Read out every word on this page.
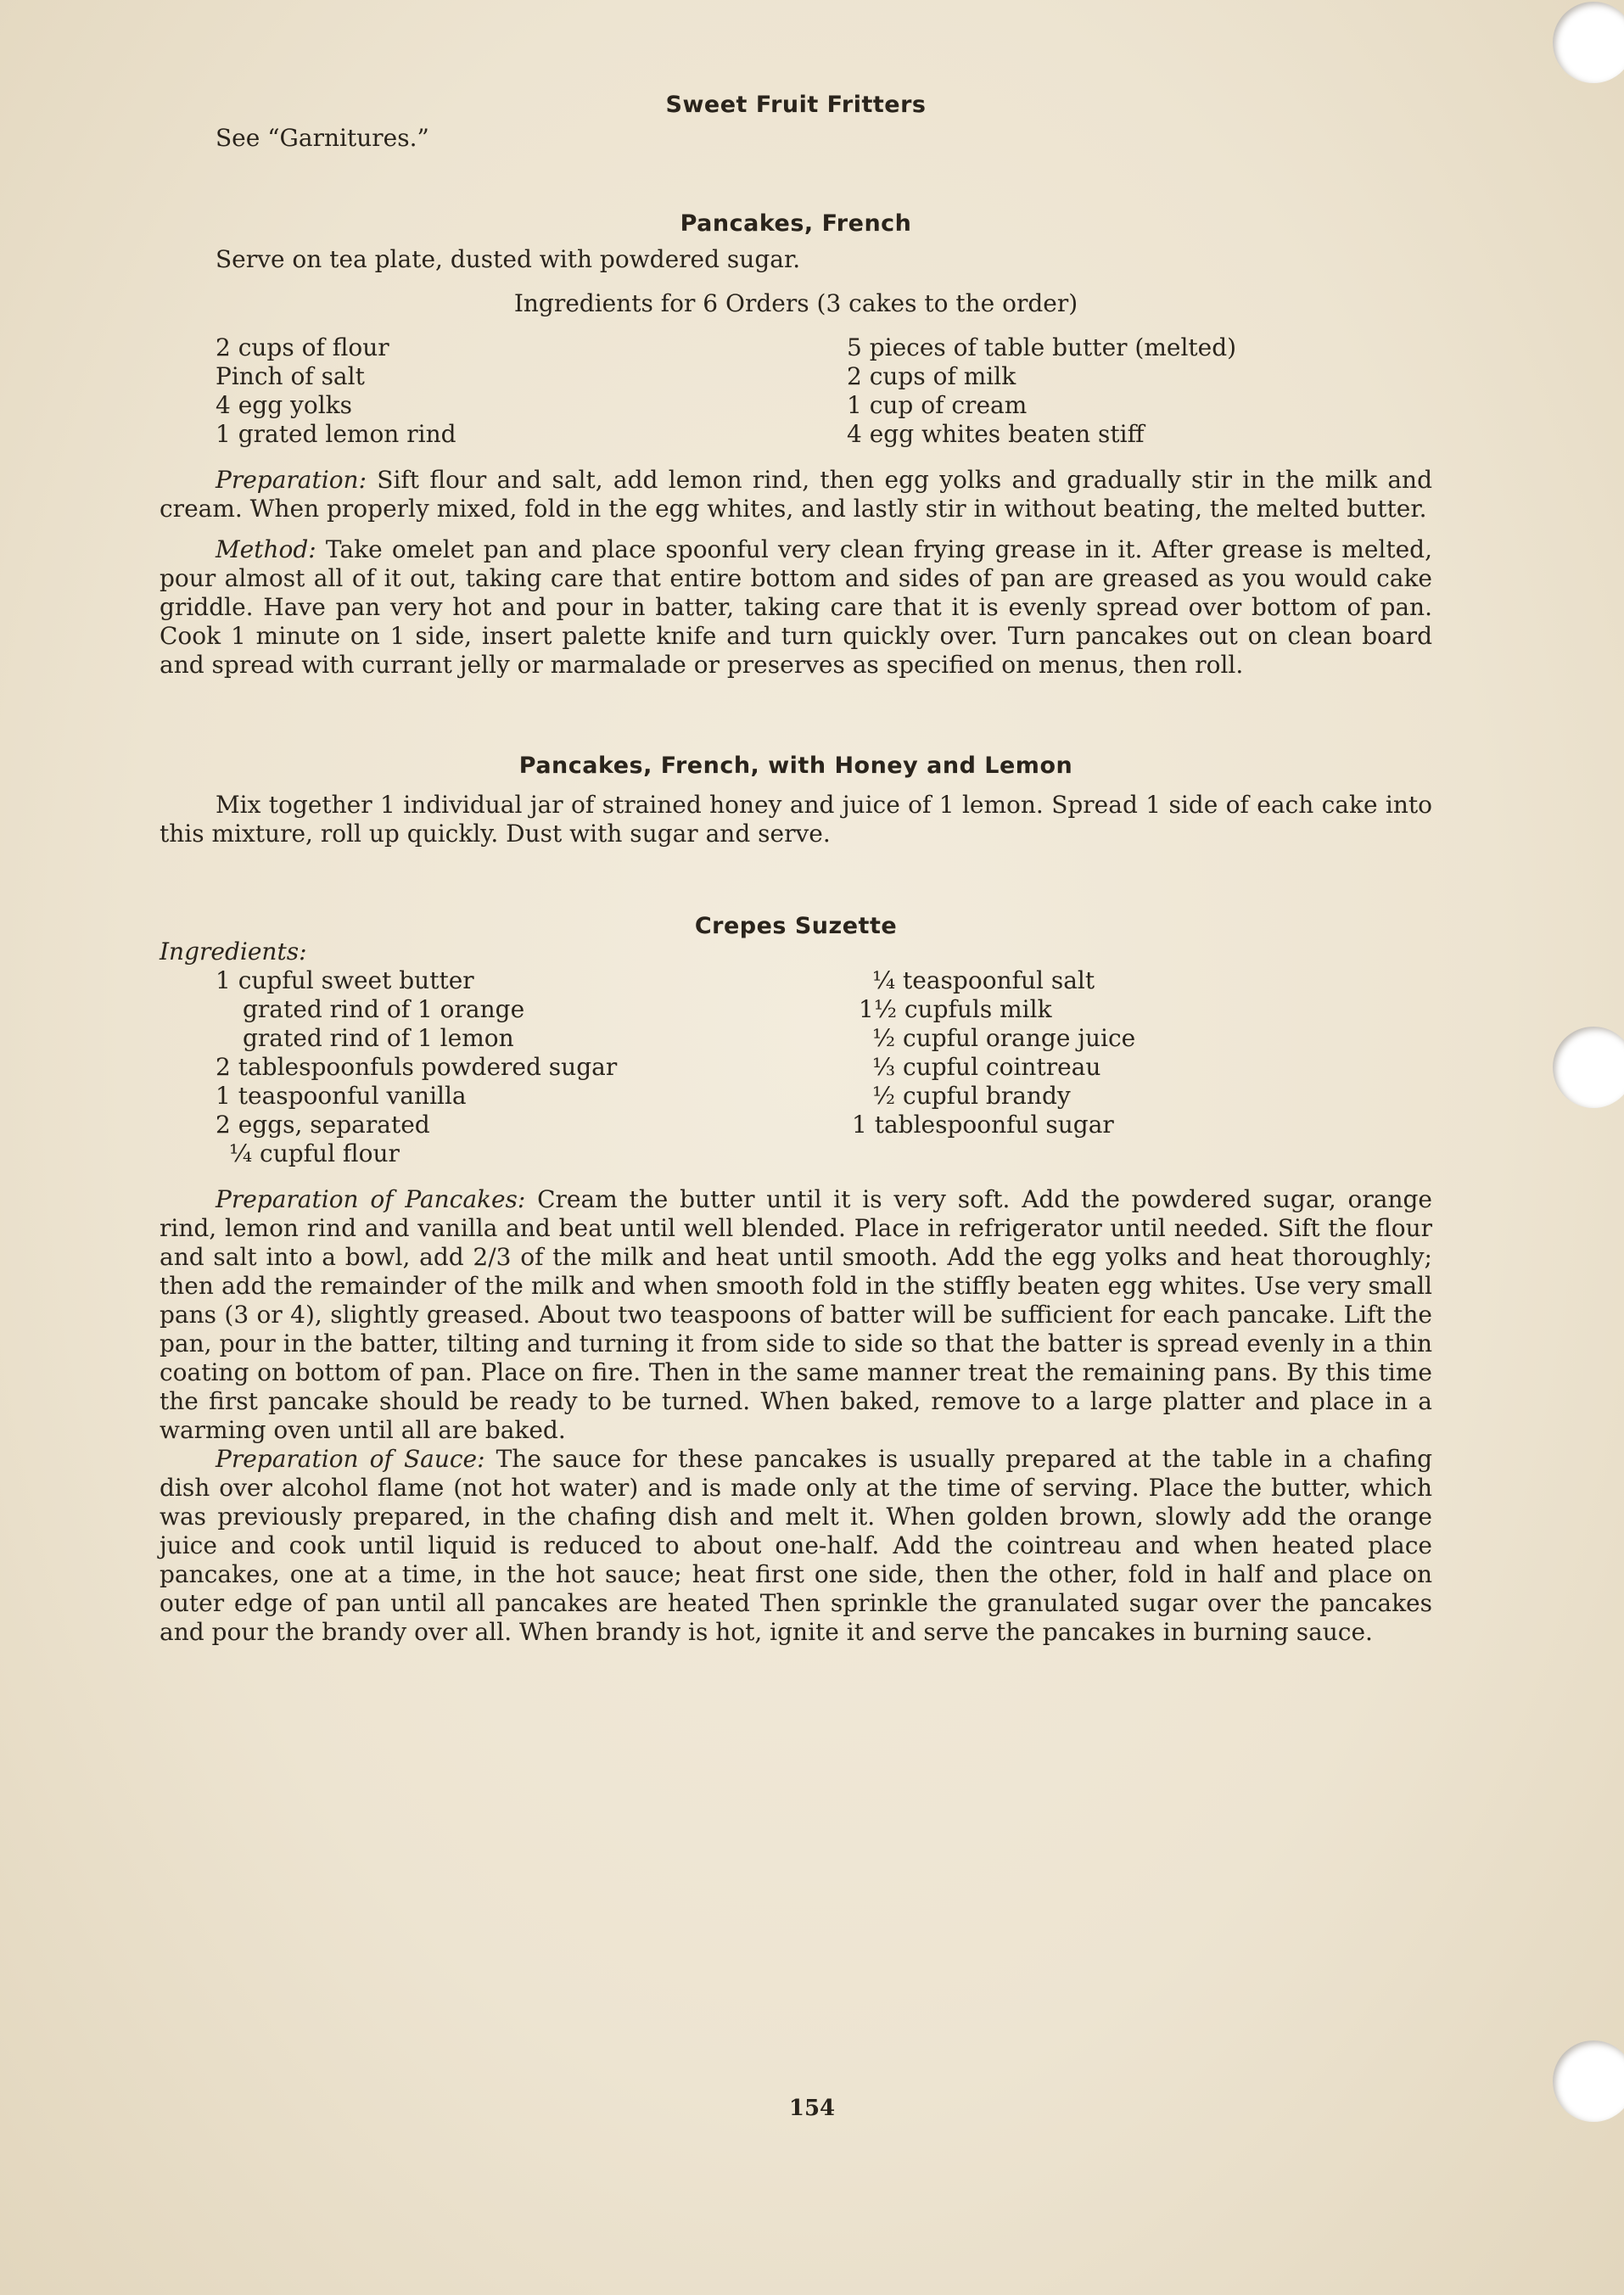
Sweet Fruit Fritters

See “Garnitures.”

Pancakes, French

Serve on tea plate, dusted with powdered sugar.

Ingredients for 6 Orders (3 cakes to the order)

2 cups of flour
Pinch of salt
4 egg yolks
1 grated lemon rind
5 pieces of table butter (melted)
2 cups of milk
1 cup of cream
4 egg whites beaten stiff

Preparation: Sift flour and salt, add lemon rind, then egg yolks and gradually stir in the milk and cream. When properly mixed, fold in the egg whites, and lastly stir in without beating, the melted butter.

Method: Take omelet pan and place spoonful very clean frying grease in it. After grease is melted, pour almost all of it out, taking care that entire bottom and sides of pan are greased as you would cake griddle. Have pan very hot and pour in batter, taking care that it is evenly spread over bottom of pan. Cook 1 minute on 1 side, insert palette knife and turn quickly over. Turn pancakes out on clean board and spread with currant jelly or marmalade or preserves as specified on menus, then roll.

Pancakes, French, with Honey and Lemon

Mix together 1 individual jar of strained honey and juice of 1 lemon. Spread 1 side of each cake into this mixture, roll up quickly. Dust with sugar and serve.

Crepes Suzette

Ingredients:

1 cupful sweet butter
grated rind of 1 orange
grated rind of 1 lemon
2 tablespoonfuls powdered sugar
1 teaspoonful vanilla
2 eggs, separated
¼ cupful flour
¼ teaspoonful salt
1½ cupfuls milk
½ cupful orange juice
⅓ cupful cointreau
½ cupful brandy
1 tablespoonful sugar

Preparation of Pancakes: Cream the butter until it is very soft. Add the powdered sugar, orange rind, lemon rind and vanilla and beat until well blended. Place in refrigerator until needed. Sift the flour and salt into a bowl, add 2/3 of the milk and heat until smooth. Add the egg yolks and heat thoroughly; then add the remainder of the milk and when smooth fold in the stiffly beaten egg whites. Use very small pans (3 or 4), slightly greased. About two teaspoons of batter will be sufficient for each pancake. Lift the pan, pour in the batter, tilting and turning it from side to side so that the batter is spread evenly in a thin coating on bottom of pan. Place on fire. Then in the same manner treat the remaining pans. By this time the first pancake should be ready to be turned. When baked, remove to a large platter and place in a warming oven until all are baked.

Preparation of Sauce: The sauce for these pancakes is usually prepared at the table in a chafing dish over alcohol flame (not hot water) and is made only at the time of serving. Place the butter, which was previously prepared, in the chafing dish and melt it. When golden brown, slowly add the orange juice and cook until liquid is reduced to about one-half. Add the cointreau and when heated place pancakes, one at a time, in the hot sauce; heat first one side, then the other, fold in half and place on outer edge of pan until all pancakes are heated Then sprinkle the granulated sugar over the pancakes and pour the brandy over all. When brandy is hot, ignite it and serve the pancakes in burning sauce.

154
